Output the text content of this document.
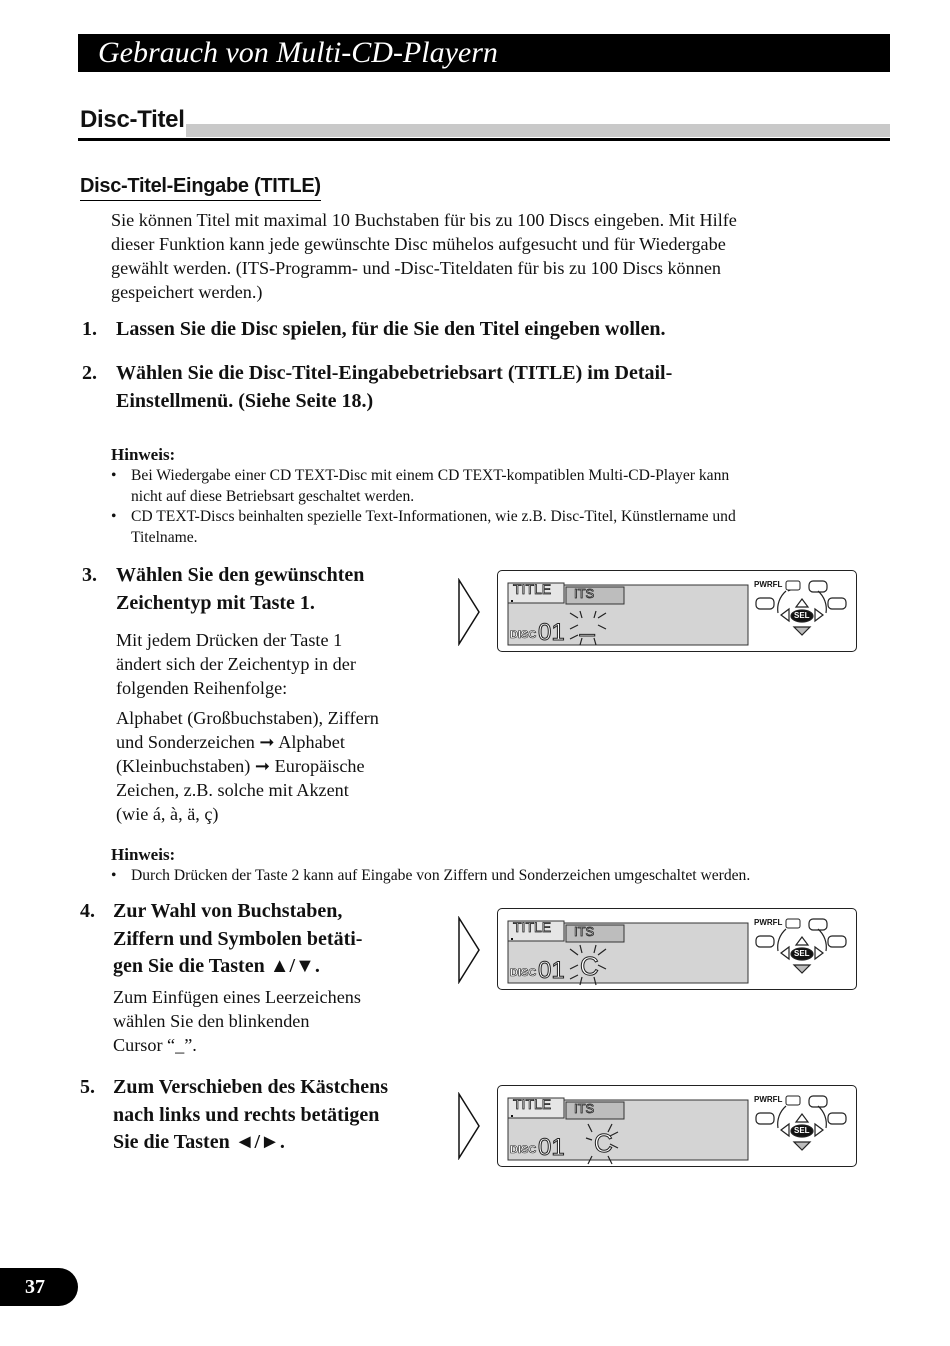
Gebrauch von Multi-CD-Playern
Disc-Titel
Disc-Titel-Eingabe (TITLE)
Sie können Titel mit maximal 10 Buchstaben für bis zu 100 Discs eingeben. Mit Hilfe
dieser Funktion kann jede gewünschte Disc mühelos aufgesucht und für Wiedergabe
gewählt werden. (ITS-Programm- und -Disc-Titeldaten für bis zu 100 Discs können
gespeichert werden.)
1. Lassen Sie die Disc spielen, für die Sie den Titel eingeben wollen.
2. Wählen Sie die Disc-Titel-Eingabebetriebsart (TITLE) im Detail-
Einstellmenü. (Siehe Seite 18.)
Hinweis:
• Bei Wiedergabe einer CD TEXT-Disc mit einem CD TEXT-kompatiblen Multi-CD-Player kann
nicht auf diese Betriebsart geschaltet werden.
• CD TEXT-Discs beinhalten spezielle Text-Informationen, wie z.B. Disc-Titel, Künstlername und
Titelname.
3. Wählen Sie den gewünschten
Zeichentyp mit Taste 1.
Mit jedem Drücken der Taste 1
ändert sich der Zeichentyp in der
folgenden Reihenfolge:
Alphabet (Großbuchstaben), Ziffern
und Sonderzeichen ➞ Alphabet
(Kleinbuchstaben) ➞ Europäische
Zeichen, z.B. solche mit Akzent
(wie á, à, ä, ç)
Hinweis:
• Durch Drücken der Taste 2 kann auf Eingabe von Ziffern und Sonderzeichen umgeschaltet werden.
4. Zur Wahl von Buchstaben,
Ziffern und Symbolen betäti-
gen Sie die Tasten ▲/▼.
Zum Einfügen eines Leerzeichens
wählen Sie den blinkenden
Cursor “_”.
5. Zum Verschieben des Kästchens
nach links und rechts betätigen
Sie die Tasten ◄/►.
TITLE ITS
DISC 01 _
PWRFL
SEL
TITLE ITS
DISC 01 C
PWRFL
SEL
TITLE ITS
DISC 01 C
PWRFL
SEL
37
